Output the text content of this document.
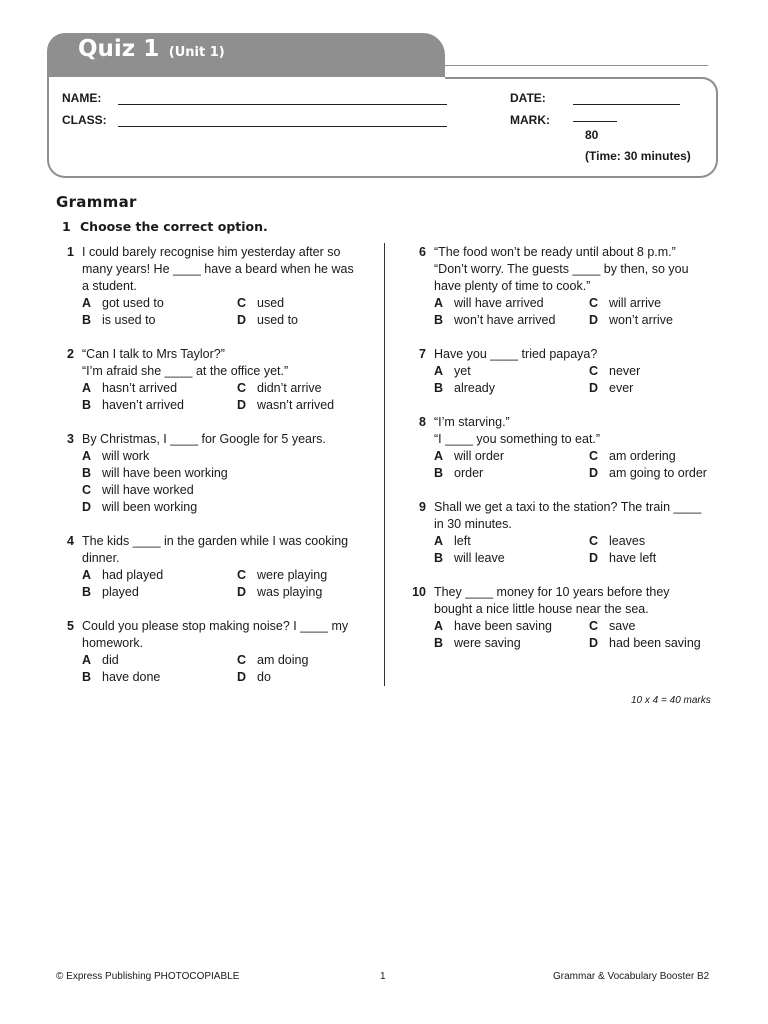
Quiz 1 (Unit 1)
NAME:
CLASS:
DATE:
MARK:
80
(Time: 30 minutes)
Grammar
1 Choose the correct option.
1 I could barely recognise him yesterday after so
many years! He ____ have a beard when he was
a student.
A got used to	C used
B is used to	D used to
2 “Can I talk to Mrs Taylor?”
“I’m afraid she ____ at the office yet.”
A hasn’t arrived	C didn’t arrive
B haven’t arrived	D wasn’t arrived
3 By Christmas, I ____ for Google for 5 years.
A will work
B will have been working
C will have worked
D will been working
4 The kids ____ in the garden while I was cooking
dinner.
A had played	C were playing
B played	D was playing
5 Could you please stop making noise? I ____ my
homework.
A did	C am doing
B have done	D do
6 “The food won’t be ready until about 8 p.m.”
“Don’t worry. The guests ____ by then, so you
have plenty of time to cook.”
A will have arrived	C will arrive
B won’t have arrived	D won’t arrive
7 Have you ____ tried papaya?
A yet	C never
B already	D ever
8 “I’m starving.”
“I ____ you something to eat.”
A will order	C am ordering
B order	D am going to order
9 Shall we get a taxi to the station? The train ____
in 30 minutes.
A left	C leaves
B will leave	D have left
10 They ____ money for 10 years before they
bought a nice little house near the sea.
A have been saving	C save
B were saving	D had been saving
10 x 4 = 40 marks
© Express Publishing PHOTOCOPIABLE	1	Grammar & Vocabulary Booster B2
